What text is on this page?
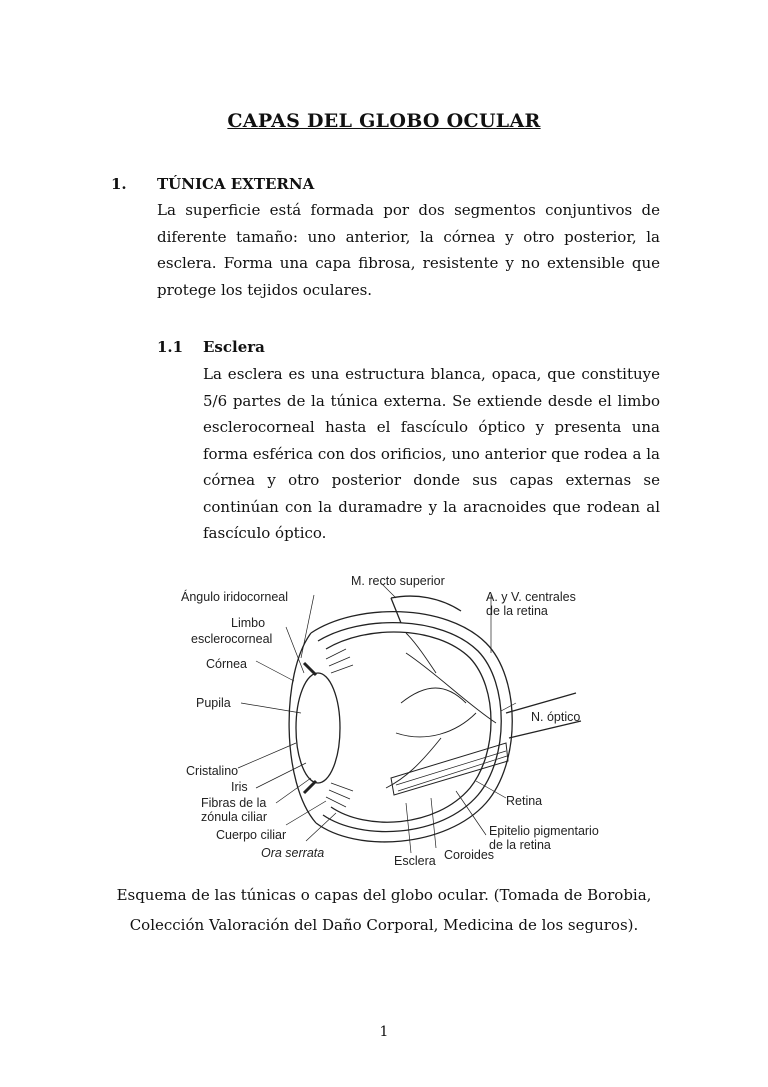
CAPAS DEL GLOBO OCULAR
1. TÚNICA EXTERNA
La superficie está formada por dos segmentos conjuntivos de diferente tamaño: uno anterior, la córnea y otro posterior, la esclera. Forma una capa fibrosa, resistente y no extensible que protege los tejidos oculares.
1.1 Esclera
La esclera es una estructura blanca, opaca, que constituye 5/6 partes de la túnica externa. Se extiende desde el limbo esclerocorneal hasta el fascículo óptico y presenta una forma esférica con dos orificios, uno anterior que rodea a la córnea y otro posterior donde sus capas externas se continúan con la duramadre y la aracnoides que rodean al fascículo óptico.
M. recto superior
Ángulo iridocorneal
Limbo
esclerocorneal
Córnea
Pupila
Cristalino
Iris
Fibras de la
zónula ciliar
Cuerpo ciliar
Ora serrata
Esclera Coroides
Epitelio pigmentario
de la retina
Retina
N. óptico
A. y V. centrales
de la retina
Esquema de las túnicas o capas del globo ocular. (Tomada de Borobia,
Colección Valoración del Daño Corporal, Medicina de los seguros).
1
